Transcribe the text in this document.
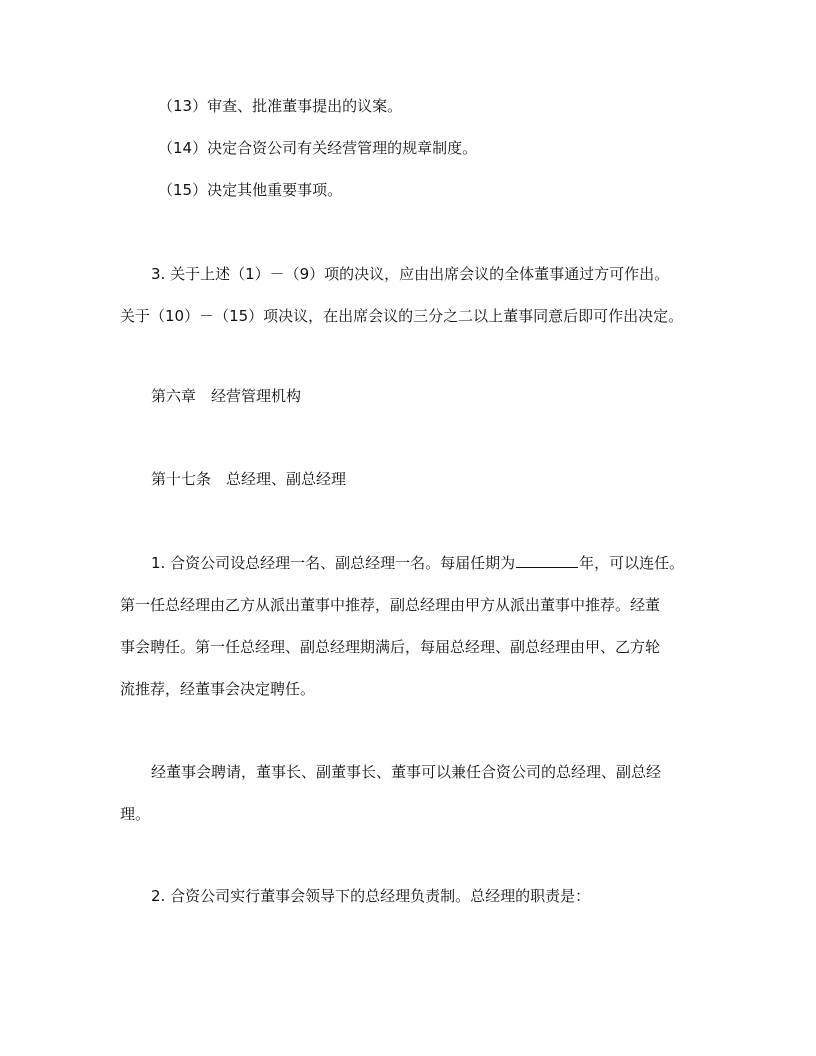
（13）审查、批准董事提出的议案。

（14）决定合资公司有关经营管理的规章制度。

（15）决定其他重要事项。

3. 关于上述（1）－（9）项的决议，应由出席会议的全体董事通过方可作出。

关于（10）－（15）项决议，在出席会议的三分之二以上董事同意后即可作出决定。

第六章　经营管理机构

第十七条　总经理、副总经理

1. 合资公司设总经理一名、副总经理一名。每届任期为	年，可以连任。

第一任总经理由乙方从派出董事中推荐，副总经理由甲方从派出董事中推荐。经董

事会聘任。第一任总经理、副总经理期满后，每届总经理、副总经理由甲、乙方轮

流推荐，经董事会决定聘任。

经董事会聘请，董事长、副董事长、董事可以兼任合资公司的总经理、副总经

理。

2. 合资公司实行董事会领导下的总经理负责制。总经理的职责是：
